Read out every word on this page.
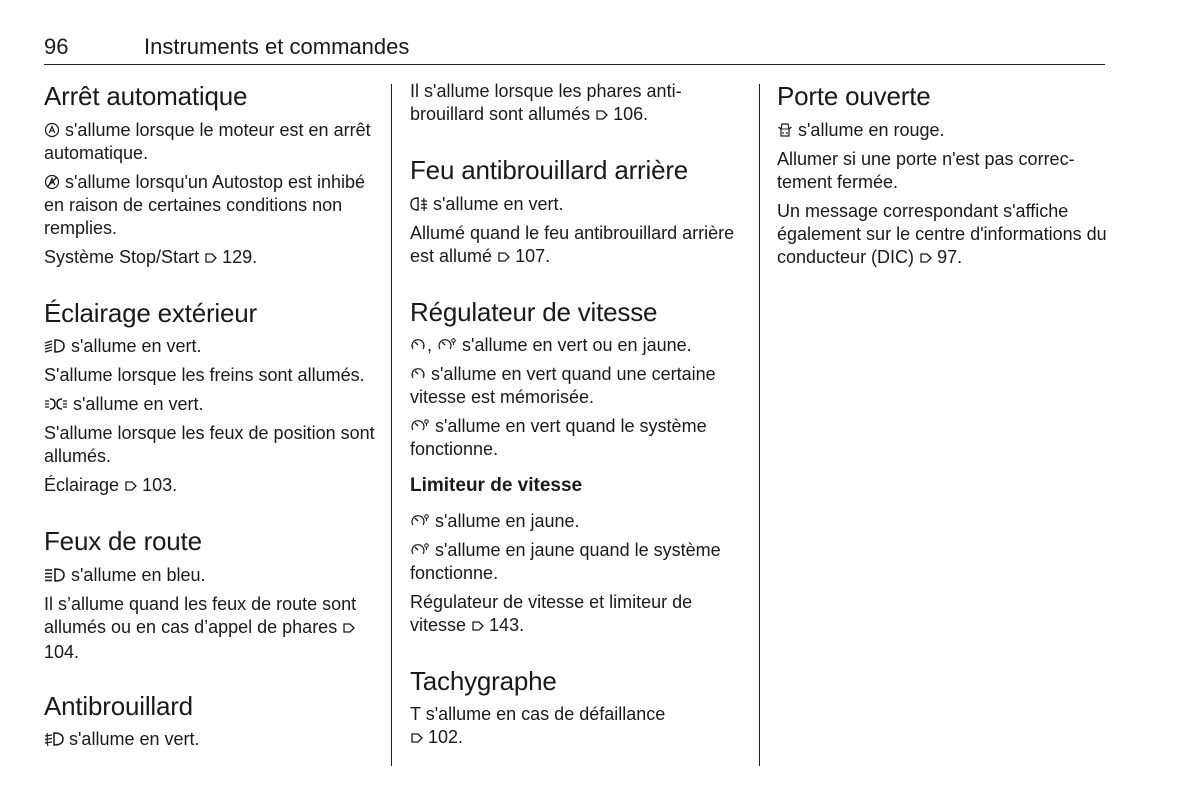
96	Instruments et commandes
Arrêt automatique

s'allume lorsque le moteur est en arrêt automatique.

s'allume lorsqu'un Autostop est inhibé en raison de certaines conditions non remplies.

Système Stop/Start 129.

Éclairage extérieur

s'allume en vert.

S'allume lorsque les freins sont allumés.

s'allume en vert.

S'allume lorsque les feux de position sont allumés.

Éclairage 103.

Feux de route

s'allume en bleu.

Il s’allume quand les feux de route sont allumés ou en cas d’appel de phares 104.

Antibrouillard

s'allume en vert.

Il s'allume lorsque les phares antibrouillard sont allumés 106.

Feu antibrouillard arrière

s'allume en vert.

Allumé quand le feu antibrouillard arrière est allumé 107.

Régulateur de vitesse

, s'allume en vert ou en jaune.

s'allume en vert quand une certaine vitesse est mémorisée.

s'allume en vert quand le système fonctionne.

Limiteur de vitesse

s'allume en jaune.

s'allume en jaune quand le système fonctionne.

Régulateur de vitesse et limiteur de vitesse 143.

Tachygraphe

T s'allume en cas de défaillance
102.

Porte ouverte

s'allume en rouge.

Allumer si une porte n'est pas correctement fermée.

Un message correspondant s'affiche également sur le centre d'informations du conducteur (DIC) 97.
